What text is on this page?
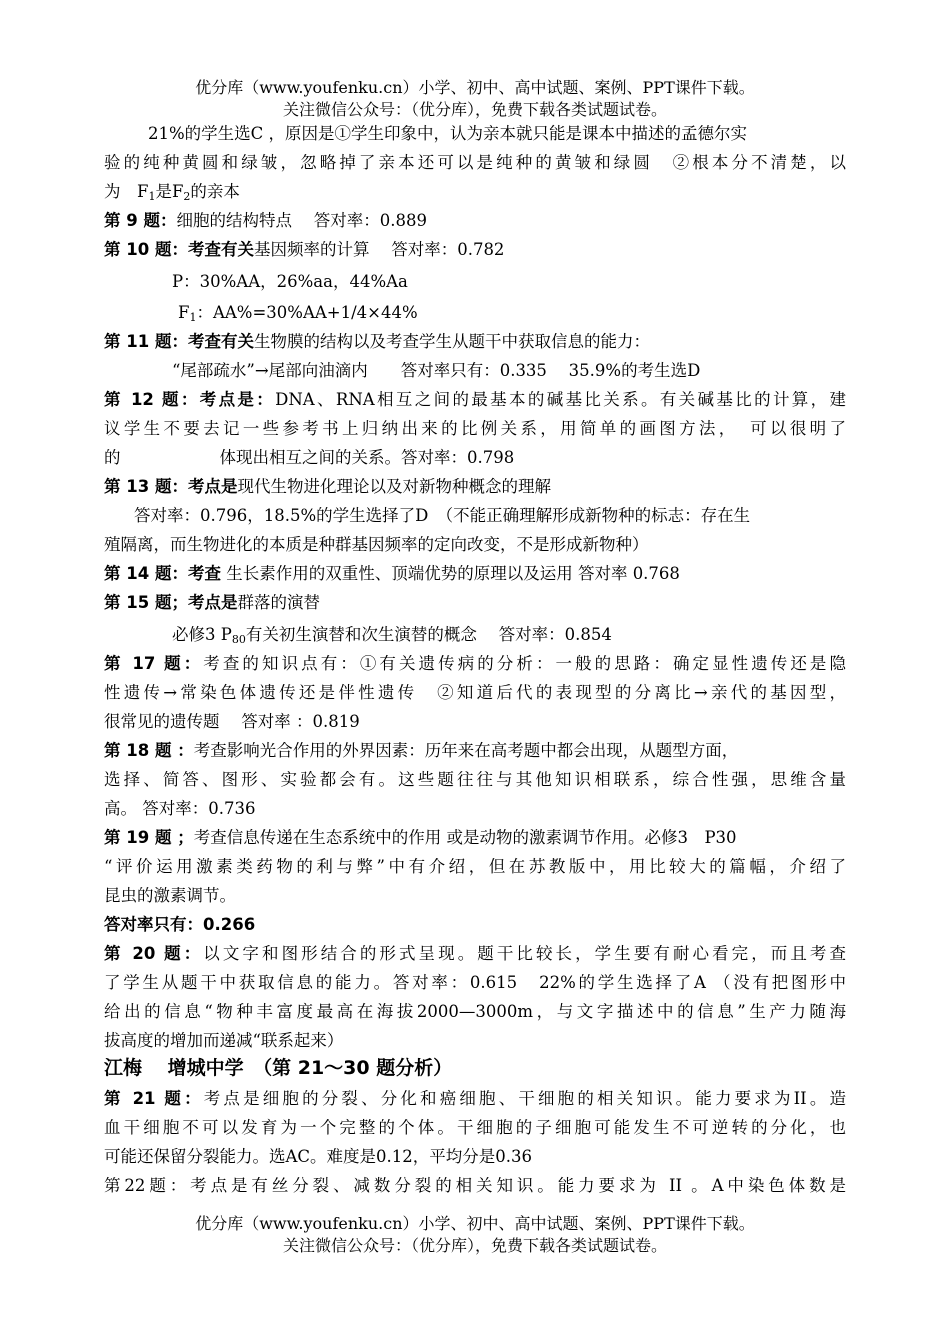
优分库（www.youfenku.cn）小学、初中、高中试题、案例、PPT课件下载。
关注微信公众号：（优分库），免费下载各类试题试卷。
21%的学生选C ，原因是①学生印象中，认为亲本就只能是课本中描述的孟德尔实
验的纯种黄圆和绿皱，忽略掉了亲本还可以是纯种的黄皱和绿圆　②根本分不清楚，以
为　$F_1$是$F_2$的亲本
第 9 题：细胞的结构特点　 答对率：0.889
第 10 题：考查有关基因频率的计算　 答对率：0.782
P：30%AA，26%aa，44%Aa
$F_1$：AA%=30%AA+1/4×44%
第 11 题：考查有关生物膜的结构以及考查学生从题干中获取信息的能力：
“尾部疏水”→尾部向油滴内　　答对率只有：0.335　 35.9%的考生选D
第 12 题：考点是：DNA、RNA相互之间的最基本的碱基比关系。有关碱基比的计算，建
议学生不要去记一些参考书上归纳出来的比例关系，用简单的画图方法，　可以很明了
的　　　　　　体现出相互之间的关系。答对率：0.798
第 13 题：考点是现代生物进化理论以及对新物种概念的理解
答对率：0.796，18.5%的学生选择了D　（不能正确理解形成新物种的标志：存在生
殖隔离，而生物进化的本质是种群基因频率的定向改变，不是形成新物种）
第 14 题：考查 生长素作用的双重性、顶端优势的原理以及运用 答对率 0.768
第 15 题；考点是群落的演替
必修3 $P_{80}$有关初生演替和次生演替的概念　 答对率：0.854
第 17 题：考查的知识点有：①有关遗传病的分析：一般的思路：确定显性遗传还是隐
性遗传→常染色体遗传还是伴性遗传　②知道后代的表现型的分离比→亲代的基因型，
很常见的遗传题　 答对率 ：0.819
第 18 题 ：考查影响光合作用的外界因素：历年来在高考题中都会出现，从题型方面，
选择、简答、图形、实验都会有。这些题往往与其他知识相联系，综合性强，思维含量
高。 答对率：0.736
第 19 题 ；考查信息传递在生态系统中的作用 或是动物的激素调节作用。必修3　P30
“评价运用激素类药物的利与弊”中有介绍，但在苏教版中，用比较大的篇幅，介绍了
昆虫的激素调节。
答对率只有：0.266
第 20 题：以文字和图形结合的形式呈现。题干比较长，学生要有耐心看完，而且考查
了学生从题干中获取信息的能力。答对率：0.615　22%的学生选择了A （没有把图形中
给出的信息“物种丰富度最高在海拔2000—3000m，与文字描述中的信息”生产力随海
拔高度的增加而递减“联系起来）
江梅　 增城中学　（第 21～30 题分析）
第 21 题：考点是细胞的分裂、分化和癌细胞、干细胞的相关知识。能力要求为II。造
血干细胞不可以发育为一个完整的个体。干细胞的子细胞可能发生不可逆转的分化，也
可能还保留分裂能力。选AC。难度是0.12，平均分是0.36
第22题：考点是有丝分裂、减数分裂的相关知识。能力要求为 II 。A中染色体数是
优分库（www.youfenku.cn）小学、初中、高中试题、案例、PPT课件下载。
关注微信公众号：（优分库），免费下载各类试题试卷。
